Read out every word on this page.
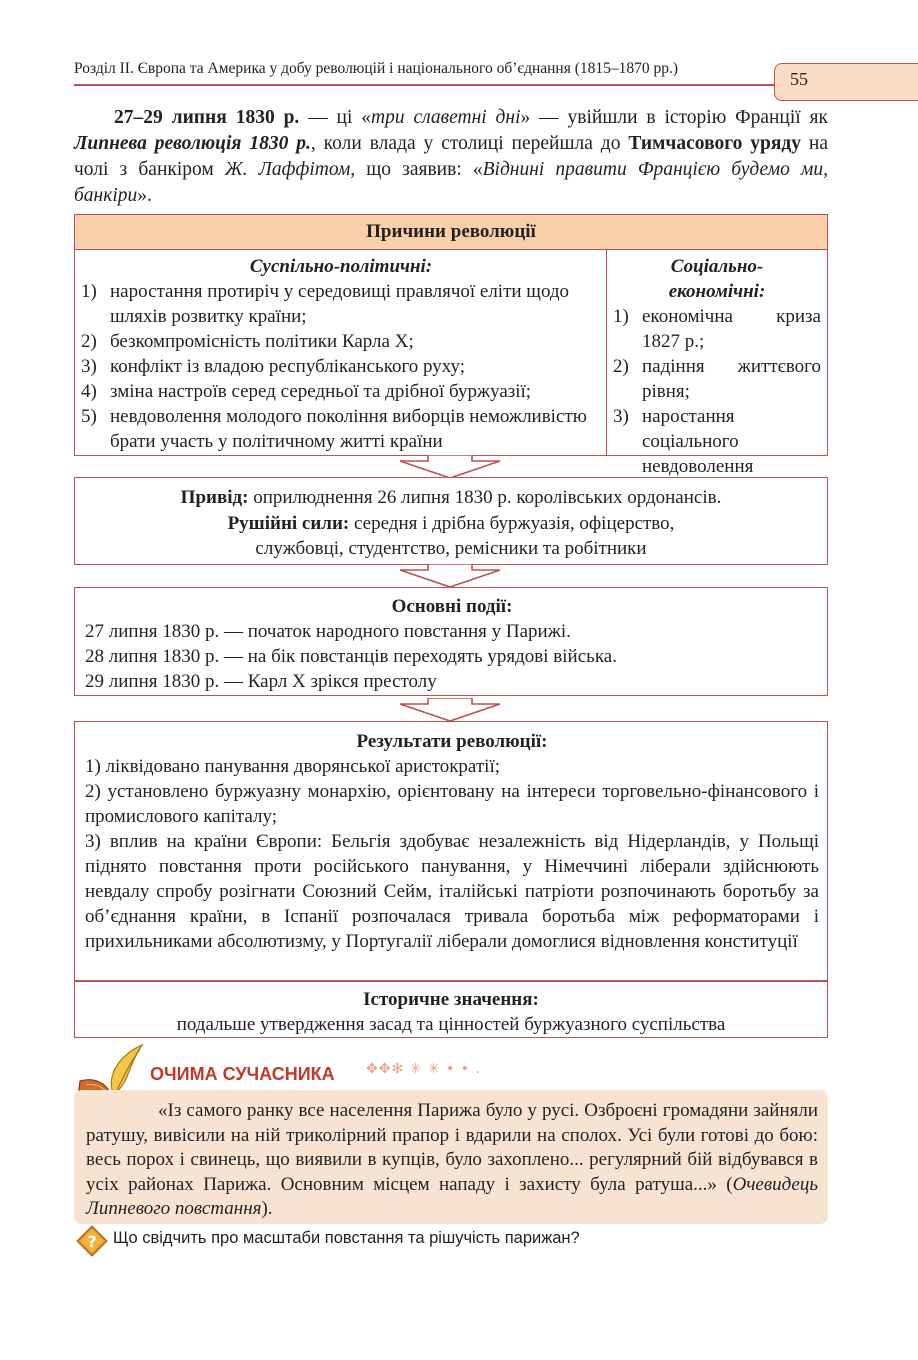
Розділ ІІ. Європа та Америка у добу революцій і національного об’єднання (1815–1870 рр.)
55

27–29 липня 1830 р. — ці «три славетні дні» — увійшли в історію Франції як Липнева революція 1830 р., коли влада у столиці перейшла до Тимчасового уряду на чолі з банкіром Ж. Лаффітом, що заявив: «Віднині правити Францією будемо ми, банкіри».

Причини революції
Суспільно-політичні:
1) наростання протиріч у середовищі правлячої еліти щодо шляхів розвитку країни;
2) безкомпромісність політики Карла X;
3) конфлікт із владою республіканського руху;
4) зміна настроїв серед середньої та дрібної буржуазії;
5) невдоволення молодого покоління виборців неможливістю брати участь у політичному житті країни
Соціально-
економічні:
1) економічна криза 1827 р.;
2) падіння життєвого рівня;
3) наростання соціального невдоволення
Привід: оприлюднення 26 липня 1830 р. королівських ордонансів.
Рушійні сили: середня і дрібна буржуазія, офіцерство,
службовці, студентство, ремісники та робітники
Основні події:
27 липня 1830 р. — початок народного повстання у Парижі.
28 липня 1830 р. — на бік повстанців переходять урядові війська.
29 липня 1830 р. — Карл X зрікся престолу
Результати революції:
1) ліквідовано панування дворянської аристократії;
2) установлено буржуазну монархію, орієнтовану на інтереси торговельно-фінансового і промислового капіталу;
3) вплив на країни Європи: Бельгія здобуває незалежність від Нідерландів, у Польщі піднято повстання проти російського панування, у Німеччині ліберали здійснюють невдалу спробу розігнати Союзний Сейм, італійські патріоти розпочинають боротьбу за об’єднання країни, в Іспанії розпочалася тривала боротьба між реформаторами і прихильниками абсолютизму, у Португалії ліберали домоглися відновлення конституції
Історичне значення:
подальше утвердження засад та цінностей буржуазного суспільства
ОЧИМА СУЧАСНИКА ✥✥✻ ✳ ✳ • • .

«Із самого ранку все населення Парижа було у русі. Озброєні громадяни зайняли ратушу, вивісили на ній триколірний прапор і вдарили на сполох. Усі були готові до бою: весь порох і свинець, що виявили в купців, було захоплено... регулярний бій відбувався в усіх районах Парижа. Основним місцем нападу і захисту була ратуша...» (Очевидець Липневого повстання).

? Що свідчить про масштаби повстання та рішучість парижан?
